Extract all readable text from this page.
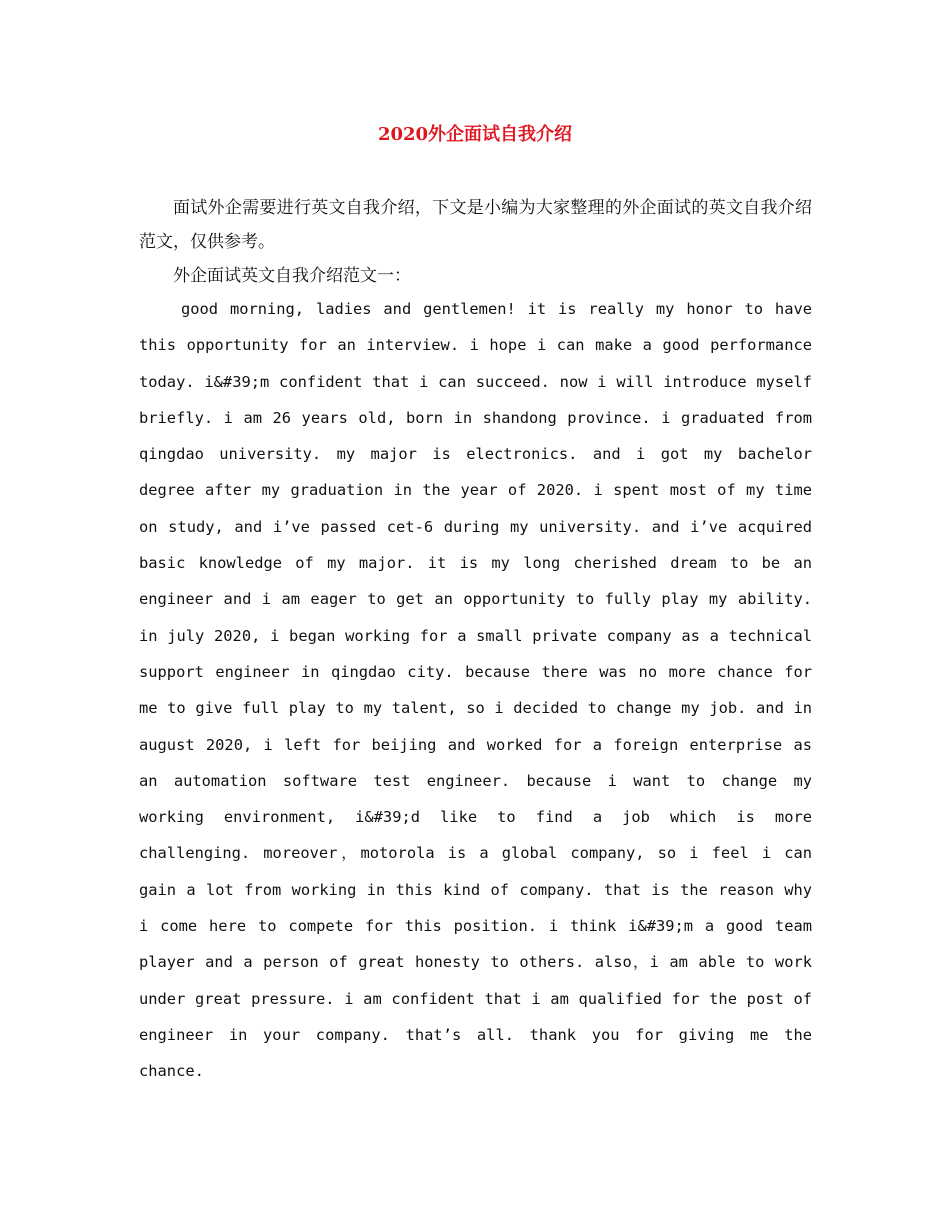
2020外企面试自我介绍
面试外企需要进行英文自我介绍，下文是小编为大家整理的外企面试的英文自我介绍范文，仅供参考。
外企面试英文自我介绍范文一：
good morning, ladies and gentlemen! it is really my honor to have this opportunity for an interview. i hope i can make a good performance today. i&#39;m confident that i can succeed. now i will introduce myself briefly. i am 26 years old, born in shandong province. i graduated from qingdao university. my major is electronics. and i got my bachelor degree after my graduation in the year of 2020. i spent most of my time on study, and i’ve passed cet-6 during my university. and i’ve acquired basic knowledge of my major. it is my long cherished dream to be an engineer and i am eager to get an opportunity to fully play my ability. in july 2020, i began working for a small private company as a technical support engineer in qingdao city. because there was no more chance for me to give full play to my talent, so i decided to change my job. and in august 2020, i left for beijing and worked for a foreign enterprise as an automation software test engineer. because i want to change my working environment, i&#39;d like to find a job which is more challenging. moreover，motorola is a global company, so i feel i can gain a lot from working in this kind of company. that is the reason why i come here to compete for this position. i think i&#39;m a good team player and a person of great honesty to others. also，i am able to work under great pressure. i am confident that i am qualified for the post of engineer in your company. that’s all. thank you for giving me the chance.
